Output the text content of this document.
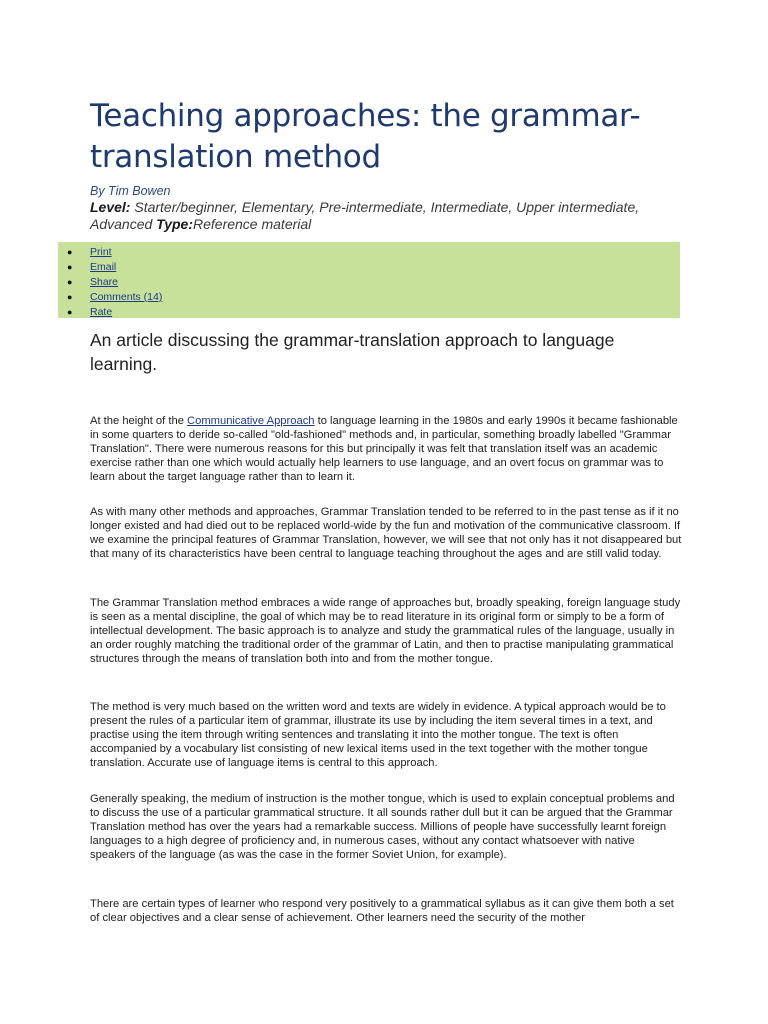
Teaching approaches: the grammar-translation method
By Tim Bowen
Level: Starter/beginner, Elementary, Pre-intermediate, Intermediate, Upper intermediate, Advanced Type:Reference material
● Print
● Email
● Share
● Comments (14)
● Rate
An article discussing the grammar-translation approach to language learning.

At the height of the Communicative Approach to language learning in the 1980s and early 1990s it became fashionable in some quarters to deride so-called "old-fashioned" methods and, in particular, something broadly labelled "Grammar Translation". There were numerous reasons for this but principally it was felt that translation itself was an academic exercise rather than one which would actually help learners to use language, and an overt focus on grammar was to learn about the target language rather than to learn it.

As with many other methods and approaches, Grammar Translation tended to be referred to in the past tense as if it no longer existed and had died out to be replaced world-wide by the fun and motivation of the communicative classroom. If we examine the principal features of Grammar Translation, however, we will see that not only has it not disappeared but that many of its characteristics have been central to language teaching throughout the ages and are still valid today.

The Grammar Translation method embraces a wide range of approaches but, broadly speaking, foreign language study is seen as a mental discipline, the goal of which may be to read literature in its original form or simply to be a form of intellectual development. The basic approach is to analyze and study the grammatical rules of the language, usually in an order roughly matching the traditional order of the grammar of Latin, and then to practise manipulating grammatical structures through the means of translation both into and from the mother tongue.

The method is very much based on the written word and texts are widely in evidence. A typical approach would be to present the rules of a particular item of grammar, illustrate its use by including the item several times in a text, and practise using the item through writing sentences and translating it into the mother tongue. The text is often accompanied by a vocabulary list consisting of new lexical items used in the text together with the mother tongue translation. Accurate use of language items is central to this approach.

Generally speaking, the medium of instruction is the mother tongue, which is used to explain conceptual problems and to discuss the use of a particular grammatical structure. It all sounds rather dull but it can be argued that the Grammar Translation method has over the years had a remarkable success. Millions of people have successfully learnt foreign languages to a high degree of proficiency and, in numerous cases, without any contact whatsoever with native speakers of the language (as was the case in the former Soviet Union, for example).

There are certain types of learner who respond very positively to a grammatical syllabus as it can give them both a set of clear objectives and a clear sense of achievement. Other learners need the security of the mother
